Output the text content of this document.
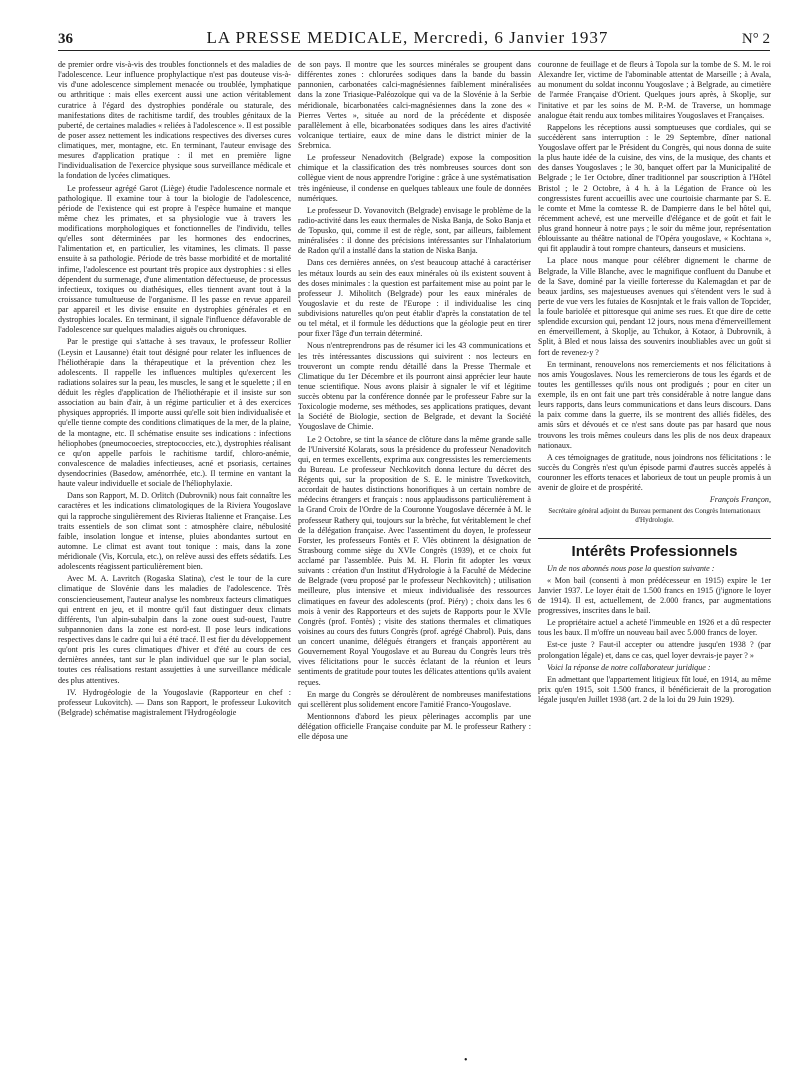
36	LA PRESSE MEDICALE, Mercredi, 6 Janvier 1937	N° 2

de premier ordre vis-à-vis des troubles fonctionnels et des maladies de l'adolescence. Leur influence prophylactique n'est pas douteuse vis-à-vis d'une adolescence simplement menacée ou troublée, lymphatique ou arthritique : mais elles exercent aussi une action véritablement curatrice à l'égard des dystrophies pondérale ou staturale, des manifestations dites de rachitisme tardif, des troubles génitaux de la puberté, de certaines maladies « reliées à l'adolescence ». Il est possible de poser assez nettement les indications respectives des diverses cures climatiques, mer, montagne, etc. En terminant, l'auteur envisage des mesures d'application pratique : il met en première ligne l'individualisation de l'exercice physique sous surveillance médicale et la fondation de lycées climatiques.

Le professeur agrégé Garot (Liège) étudie l'adolescence normale et pathologique. Il examine tour à tour la biologie de l'adolescence, période de l'existence qui est propre à l'espèce humaine et manque même chez les primates, et sa physiologie vue à travers les modifications morphologiques et fonctionnelles de l'individu, telles qu'elles sont déterminées par les hormones des endocrines, l'alimentation et, en particulier, les vitamines, les climats. Il passe ensuite à sa pathologie. Période de très basse morbidité et de mortalité infime, l'adolescence est pourtant très propice aux dystrophies : si elles dépendent du surmenage, d'une alimentation défectueuse, de processus infectieux, toxiques ou diathésiques, elles tiennent avant tout à la croissance tumultueuse de l'organisme. Il les passe en revue appareil par appareil et les divise ensuite en dystrophies générales et en dystrophies locales. En terminant, il signale l'influence défavorable de l'adolescence sur quelques maladies aiguës ou chroniques.

Par le prestige qui s'attache à ses travaux, le professeur Rollier (Leysin et Lausanne) était tout désigné pour relater les influences de l'héliothérapie dans la thérapeutique et la prévention chez les adolescents. Il rappelle les influences multiples qu'exercent les radiations solaires sur la peau, les muscles, le sang et le squelette ; il en déduit les règles d'application de l'héliothérapie et il insiste sur son association au bain d'air, à un régime particulier et à des exercices physiques appropriés. Il importe aussi qu'elle soit bien individualisée et qu'elle tienne compte des conditions climatiques de la mer, de la plaine, de la montagne, etc. Il schématise ensuite ses indications : infections héliophobes (pneumocoecies, streptococcies, etc.), dystrophies réalisant ce qu'on appelle parfois le rachitisme tardif, chloro-anémie, convalescence de maladies infectieuses, acné et psoriasis, certaines dysendocrinies (Basedow, aménorrhée, etc.). Il termine en vantant la haute valeur individuelle et sociale de l'héliophylaxie.

Dans son Rapport, M. D. Orlitch (Dubrovnik) nous fait connaître les caractères et les indications climatologiques de la Riviera Yougoslave qui la rapproche singulièrement des Rivieras Italienne et Française. Les traits essentiels de son climat sont : atmosphère claire, nébulosité faible, insolation longue et intense, pluies abondantes surtout en automne. Le climat est avant tout tonique : mais, dans la zone méridionale (Vis, Korcula, etc.), on relève aussi des effets sédatifs. Les adolescents réagissent particulièrement bien.

Avec M. A. Lavritch (Rogaska Slatina), c'est le tour de la cure climatique de Slovénie dans les maladies de l'adolescence. Très consciencieusement, l'auteur analyse les nombreux facteurs climatiques qui entrent en jeu, et il montre qu'il faut distinguer deux climats différents, l'un alpin-subalpin dans la zone ouest sud-ouest, l'autre subpannonien dans la zone est nord-est. Il pose leurs indications respectives dans le cadre qui lui a été tracé. Il est fier du développement qu'ont pris les cures climatiques d'hiver et d'été au cours de ces dernières années, tant sur le plan individuel que sur le plan social, toutes ces réalisations restant assujetties à une surveillance médicale des plus attentives.

IV. Hydrogéologie de la Yougoslavie (Rapporteur en chef : professeur Lukovitch). — Dans son Rapport, le professeur Lukovitch (Belgrade) schématise magistralement l'Hydrogéologie

de son pays. Il montre que les sources minérales se groupent dans différentes zones : chlorurées sodiques dans la bande du bassin pannonien, carbonatées calci-magnésiennes faiblement minéralisées dans la zone Triasique-Paléozoïque qui va de la Slovénie à la Serbie méridionale, bicarbonatées calci-magnésiennes dans la zone des « Pierres Vertes », située au nord de la précédente et disposée parallèlement à elle, bicarbonatées sodiques dans les aires d'activité volcanique tertiaire, eaux de mine dans le district minier de la Srebrnica.

Le professeur Nenadovitch (Belgrade) expose la composition chimique et la classification des très nombreuses sources dont son collègue vient de nous apprendre l'origine : grâce à une systématisation très ingénieuse, il condense en quelques tableaux une foule de données numériques.

Le professeur D. Yovanovitch (Belgrade) envisage le problème de la radio-activité dans les eaux thermales de Niska Banja, de Soko Banja et de Topusko, qui, comme il est de règle, sont, par ailleurs, faiblement minéralisées : il donne des précisions intéressantes sur l'Inhalatorium de Radon qu'il a installé dans la station de Niska Banja.

Dans ces dernières années, on s'est beaucoup attaché à caractériser les métaux lourds au sein des eaux minérales où ils existent souvent à des doses minimales : la question est parfaitement mise au point par le professeur J. Miholitch (Belgrade) pour les eaux minérales de Yougoslavie et du reste de l'Europe : il individualise les cinq subdivisions naturelles qu'on peut établir d'après la constatation de tel ou tel métal, et il formule les déductions que la géologie peut en tirer pour fixer l'âge d'un terrain déterminé.

Nous n'entreprendrons pas de résumer ici les 43 communications et les très intéressantes discussions qui suivirent : nos lecteurs en trouveront un compte rendu détaillé dans la Presse Thermale et Climatique du 1er Décembre et ils pourront ainsi apprécier leur haute tenue scientifique. Nous avons plaisir à signaler le vif et légitime succès obtenu par la conférence donnée par le professeur Fabre sur la Toxicologie moderne, ses méthodes, ses applications pratiques, devant la Société de Biologie, section de Belgrade, et devant la Société Yougoslave de Chimie.

Le 2 Octobre, se tint la séance de clôture dans la même grande salle de l'Université Kolarats, sous la présidence du professeur Nenadovitch qui, en termes excellents, exprima aux congressistes les remerciements du Bureau. Le professeur Nechkovitch donna lecture du décret des Régents qui, sur la proposition de S. E. le ministre Tsvetkovitch, accordait de hautes distinctions honorifiques à un certain nombre de médecins étrangers et français : nous applaudissons particulièrement à la Grand Croix de l'Ordre de la Couronne Yougoslave décernée à M. le professeur Rathery qui, toujours sur la brèche, fut véritablement le chef de la délégation française. Avec l'assentiment du doyen, le professeur Forster, les professeurs Fontès et F. Vlès obtinrent la désignation de Strasbourg comme siège du XVIe Congrès (1939), et ce choix fut acclamé par l'assemblée. Puis M. H. Florin fit adopter les vœux suivants : création d'un Institut d'Hydrologie à la Faculté de Médecine de Belgrade (vœu proposé par le professeur Nechkovitch) ; utilisation meilleure, plus intensive et mieux individualisée des ressources climatiques en faveur des adolescents (prof. Piéry) ; choix dans les 6 mois à venir des Rapporteurs et des sujets de Rapports pour le XVIe Congrès (prof. Fontès) ; visite des stations thermales et climatiques voisines au cours des futurs Congrès (prof. agrégé Chabrol). Puis, dans un concert unanime, délégués étrangers et français apportèrent au Gouvernement Royal Yougoslave et au Bureau du Congrès leurs très vives félicitations pour le succès éclatant de la réunion et leurs sentiments de gratitude pour toutes les délicates attentions qu'ils avaient reçues.

En marge du Congrès se déroulèrent de nombreuses manifestations qui scellèrent plus solidement encore l'amitié Franco-Yougoslave.

Mentionnons d'abord les pieux pèlerinages accomplis par une délégation officielle Française conduite par M. le professeur Rathery : elle déposa une

couronne de feuillage et de fleurs à Topola sur la tombe de S. M. le roi Alexandre Ier, victime de l'abominable attentat de Marseille ; à Avala, au monument du soldat inconnu Yougoslave ; à Belgrade, au cimetière de l'armée Française d'Orient. Quelques jours après, à Skoplje, sur l'initative et par les soins de M. P.-M. de Traverse, un hommage analogue était rendu aux tombes militaires Yougoslaves et Françaises.

Rappelons les réceptions aussi somptueuses que cordiales, qui se succédèrent sans interruption : le 29 Septembre, dîner national Yougoslave offert par le Président du Congrès, qui nous donna de suite la plus haute idée de la cuisine, des vins, de la musique, des chants et des danses Yougoslaves ; le 30, banquet offert par la Municipalité de Belgrade ; le 1er Octobre, dîner traditionnel par souscription à l'Hôtel Bristol ; le 2 Octobre, à 4 h. à la Légation de France où les congressistes furent accueillis avec une courtoisie charmante par S. E. le comte et Mme la comtesse R. de Dampierre dans le bel hôtel qui, récemment achevé, est une merveille d'élégance et de goût et fait le plus grand honneur à notre pays ; le soir du même jour, représentation éblouissante au théâtre national de l'Opéra yougoslave, « Kochtana », qui fit applaudir à tout rompre chanteurs, danseurs et musiciens.

La place nous manque pour célébrer dignement le charme de Belgrade, la Ville Blanche, avec le magnifique confluent du Danube et de la Save, dominé par la vieille forteresse du Kalemagdan et par de beaux jardins, ses majestueuses avenues qui s'étendent vers le sud à perte de vue vers les futaies de Kosnjntak et le frais vallon de Topcider, la foule bariolée et pittoresque qui anime ses rues. Et que dire de cette splendide excursion qui, pendant 12 jours, nous mena d'émerveillement en émerveillement, à Skoplje, au Tchukor, à Kotaor, à Dubrovnik, à Split, à Bled et nous laissa des souvenirs inoubliables avec un goût si fort de revenez-y ?

En terminant, renouvelons nos remerciements et nos félicitations à nos amis Yougoslaves. Nous les remercierons de tous les égards et de toutes les gentillesses qu'ils nous ont prodigués ; pour en citer un exemple, ils en ont fait une part très considérable à notre langue dans leurs rapports, dans leurs communications et dans leurs discours. Dans la paix comme dans la guerre, ils se montrent des alliés fidèles, des amis sûrs et dévoués et ce n'est sans doute pas par hasard que nous trouvons les trois mêmes couleurs dans les plis de nos deux drapeaux nationaux.

A ces témoignages de gratitude, nous joindrons nos félicitations : le succès du Congrès n'est qu'un épisode parmi d'autres succès appelés à couronner les efforts tenaces et laborieux de tout un peuple promis à un avenir de gloire et de prospérité.

François Françon,

Secrétaire général adjoint du Bureau permanent des Congrès Internationaux d'Hydrologie.

Intérêts Professionnels

Un de nos abonnés nous pose la question suivante :

« Mon bail (consenti à mon prédécesseur en 1915) expire le 1er Janvier 1937. Le loyer était de 1.500 francs en 1915 (j'ignore le loyer de 1914). Il est, actuellement, de 2.000 francs, par augmentations progressives, inscrites dans le bail.

Le propriétaire actuel a acheté l'immeuble en 1926 et a dû respecter tous les baux. Il m'offre un nouveau bail avec 5.000 francs de loyer.

Est-ce juste ? Faut-il accepter ou attendre jusqu'en 1938 ? (par prolongation légale) et, dans ce cas, quel loyer devrais-je payer ? »

Voici la réponse de notre collaborateur juridique :

En admettant que l'appartement litigieux fût loué, en 1914, au même prix qu'en 1915, soit 1.500 francs, il bénéficierait de la prorogation légale jusqu'en Juillet 1938 (art. 2 de la loi du 29 Juin 1929).

•
